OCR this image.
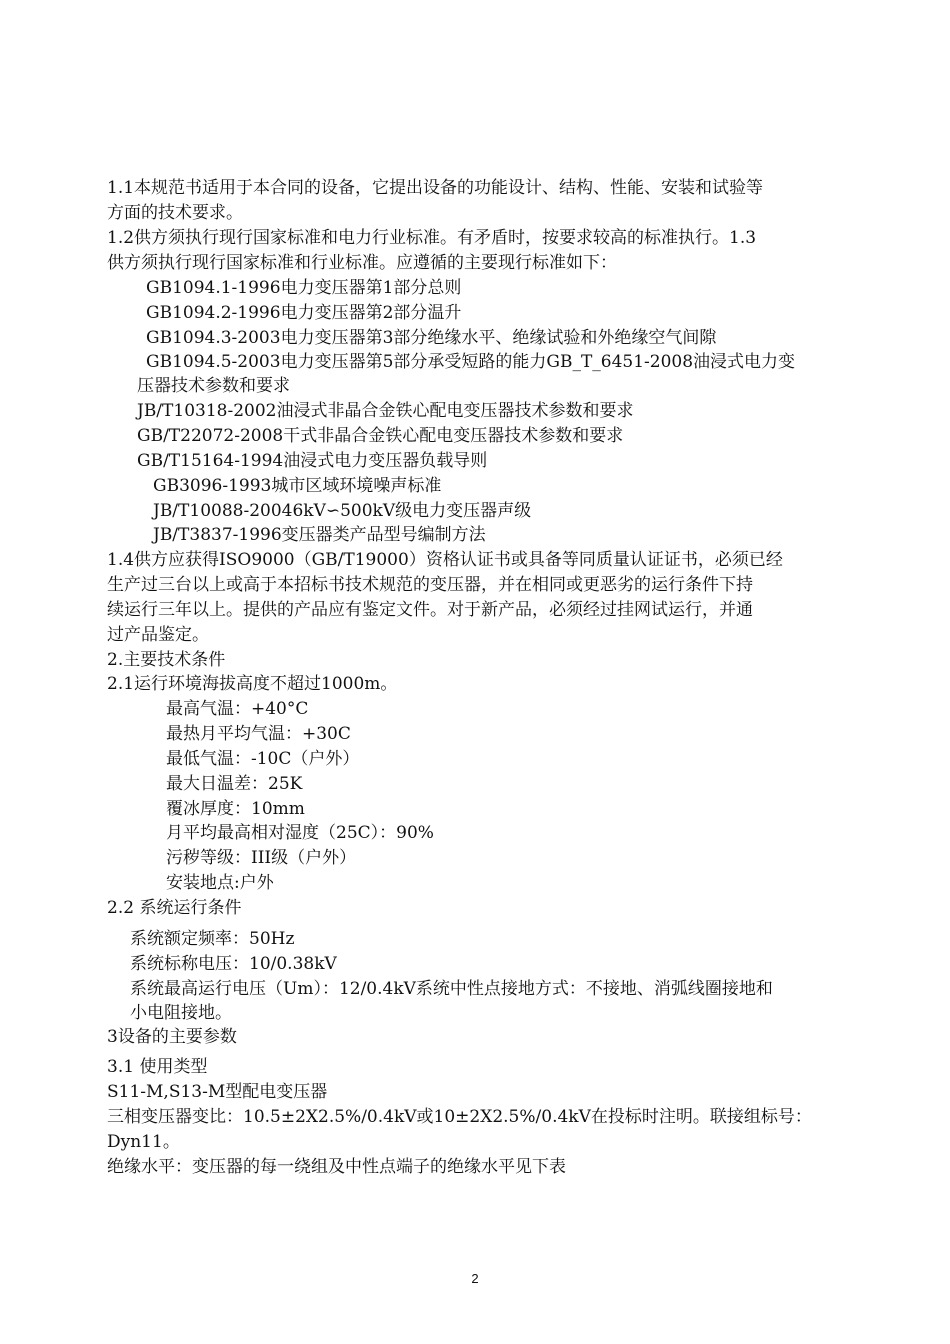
1.1本规范书适用于本合同的设备，它提出设备的功能设计、结构、性能、安装和试验等
方面的技术要求。
1.2供方须执行现行国家标准和电力行业标准。有矛盾时，按要求较高的标准执行。1.3
供方须执行现行国家标准和行业标准。应遵循的主要现行标准如下：
GB1094.1-1996电力变压器第1部分总则
GB1094.2-1996电力变压器第2部分温升
GB1094.3-2003电力变压器第3部分绝缘水平、绝缘试验和外绝缘空气间隙
GB1094.5-2003电力变压器第5部分承受短路的能力GB_T_6451-2008油浸式电力变
压器技术参数和要求
JB/T10318-2002油浸式非晶合金铁心配电变压器技术参数和要求
GB/T22072-2008干式非晶合金铁心配电变压器技术参数和要求
GB/T15164-1994油浸式电力变压器负载导则
GB3096-1993城市区域环境噪声标准
JB/T10088-20046kV∽500kV级电力变压器声级
JB/T3837-1996变压器类产品型号编制方法
1.4供方应获得ISO9000（GB/T19000）资格认证书或具备等同质量认证证书，必须已经
生产过三台以上或高于本招标书技术规范的变压器，并在相同或更恶劣的运行条件下持
续运行三年以上。提供的产品应有鉴定文件。对于新产品，必须经过挂网试运行，并通
过产品鉴定。
2.主要技术条件
2.1运行环境海拔高度不超过1000m。
最高气温：+40°C
最热月平均气温：+30C
最低气温：-10C（户外）
最大日温差：25K
覆冰厚度：10mm
月平均最高相对湿度（25C）：90%
污秽等级：III级（户外）
安装地点:户外
2.2 系统运行条件
系统额定频率：50Hz
系统标称电压：10/0.38kV
系统最高运行电压（Um）：12/0.4kV系统中性点接地方式：不接地、消弧线圈接地和
小电阻接地。
3设备的主要参数
3.1 使用类型
S11-M,S13-M型配电变压器
三相变压器变比：10.5±2X2.5%/0.4kV或10±2X2.5%/0.4kV在投标时注明。联接组标号：
Dyn11。
绝缘水平：变压器的每一绕组及中性点端子的绝缘水平见下表
2
